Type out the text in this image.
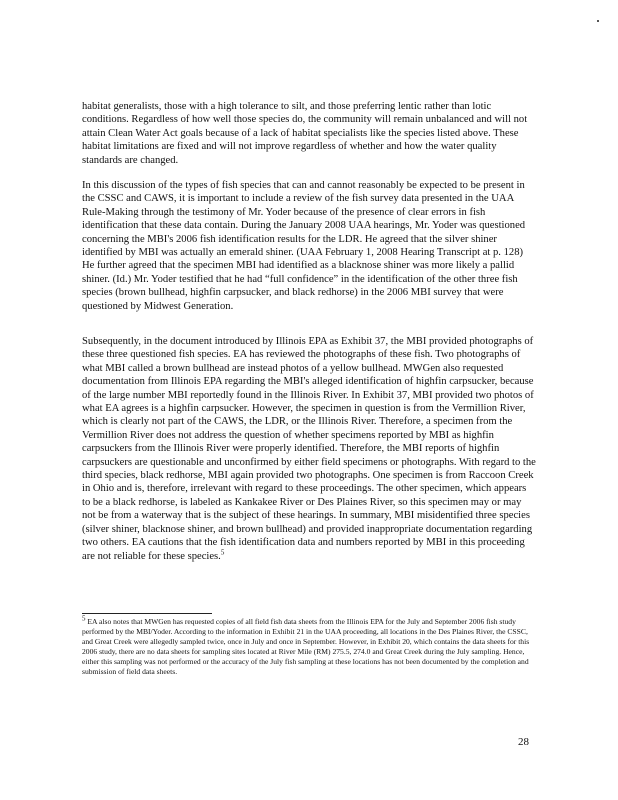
habitat generalists, those with a high tolerance to silt, and those preferring lentic rather than lotic conditions. Regardless of how well those species do, the community will remain unbalanced and will not attain Clean Water Act goals because of a lack of habitat specialists like the species listed above. These habitat limitations are fixed and will not improve regardless of whether and how the water quality standards are changed.

In this discussion of the types of fish species that can and cannot reasonably be expected to be present in the CSSC and CAWS, it is important to include a review of the fish survey data presented in the UAA Rule-Making through the testimony of Mr. Yoder because of the presence of clear errors in fish identification that these data contain. During the January 2008 UAA hearings, Mr. Yoder was questioned concerning the MBI's 2006 fish identification results for the LDR. He agreed that the silver shiner identified by MBI was actually an emerald shiner. (UAA February 1, 2008 Hearing Transcript at p. 128) He further agreed that the specimen MBI had identified as a blacknose shiner was more likely a pallid shiner. (Id.) Mr. Yoder testified that he had “full confidence” in the identification of the other three fish species (brown bullhead, highfin carpsucker, and black redhorse) in the 2006 MBI survey that were questioned by Midwest Generation.

Subsequently, in the document introduced by Illinois EPA as Exhibit 37, the MBI provided photographs of these three questioned fish species. EA has reviewed the photographs of these fish. Two photographs of what MBI called a brown bullhead are instead photos of a yellow bullhead. MWGen also requested documentation from Illinois EPA regarding the MBI's alleged identification of highfin carpsucker, because of the large number MBI reportedly found in the Illinois River. In Exhibit 37, MBI provided two photos of what EA agrees is a highfin carpsucker. However, the specimen in question is from the Vermillion River, which is clearly not part of the CAWS, the LDR, or the Illinois River. Therefore, a specimen from the Vermillion River does not address the question of whether specimens reported by MBI as highfin carpsuckers from the Illinois River were properly identified. Therefore, the MBI reports of highfin carpsuckers are questionable and unconfirmed by either field specimens or photographs. With regard to the third species, black redhorse, MBI again provided two photographs. One specimen is from Raccoon Creek in Ohio and is, therefore, irrelevant with regard to these proceedings. The other specimen, which appears to be a black redhorse, is labeled as Kankakee River or Des Plaines River, so this specimen may or may not be from a waterway that is the subject of these hearings. In summary, MBI misidentified three species (silver shiner, blacknose shiner, and brown bullhead) and provided inappropriate documentation regarding two others. EA cautions that the fish identification data and numbers reported by MBI in this proceeding are not reliable for these species.$^5$

$^5$ EA also notes that MWGen has requested copies of all field fish data sheets from the Illinois EPA for the July and September 2006 fish study performed by the MBI/Yoder. According to the information in Exhibit 21 in the UAA proceeding, all locations in the Des Plaines River, the CSSC, and Great Creek were allegedly sampled twice, once in July and once in September. However, in Exhibit 20, which contains the data sheets for this 2006 study, there are no data sheets for sampling sites located at River Mile (RM) 275.5, 274.0 and Great Creek during the July sampling. Hence, either this sampling was not performed or the accuracy of the July fish sampling at these locations has not been documented by the completion and submission of field data sheets.

28
